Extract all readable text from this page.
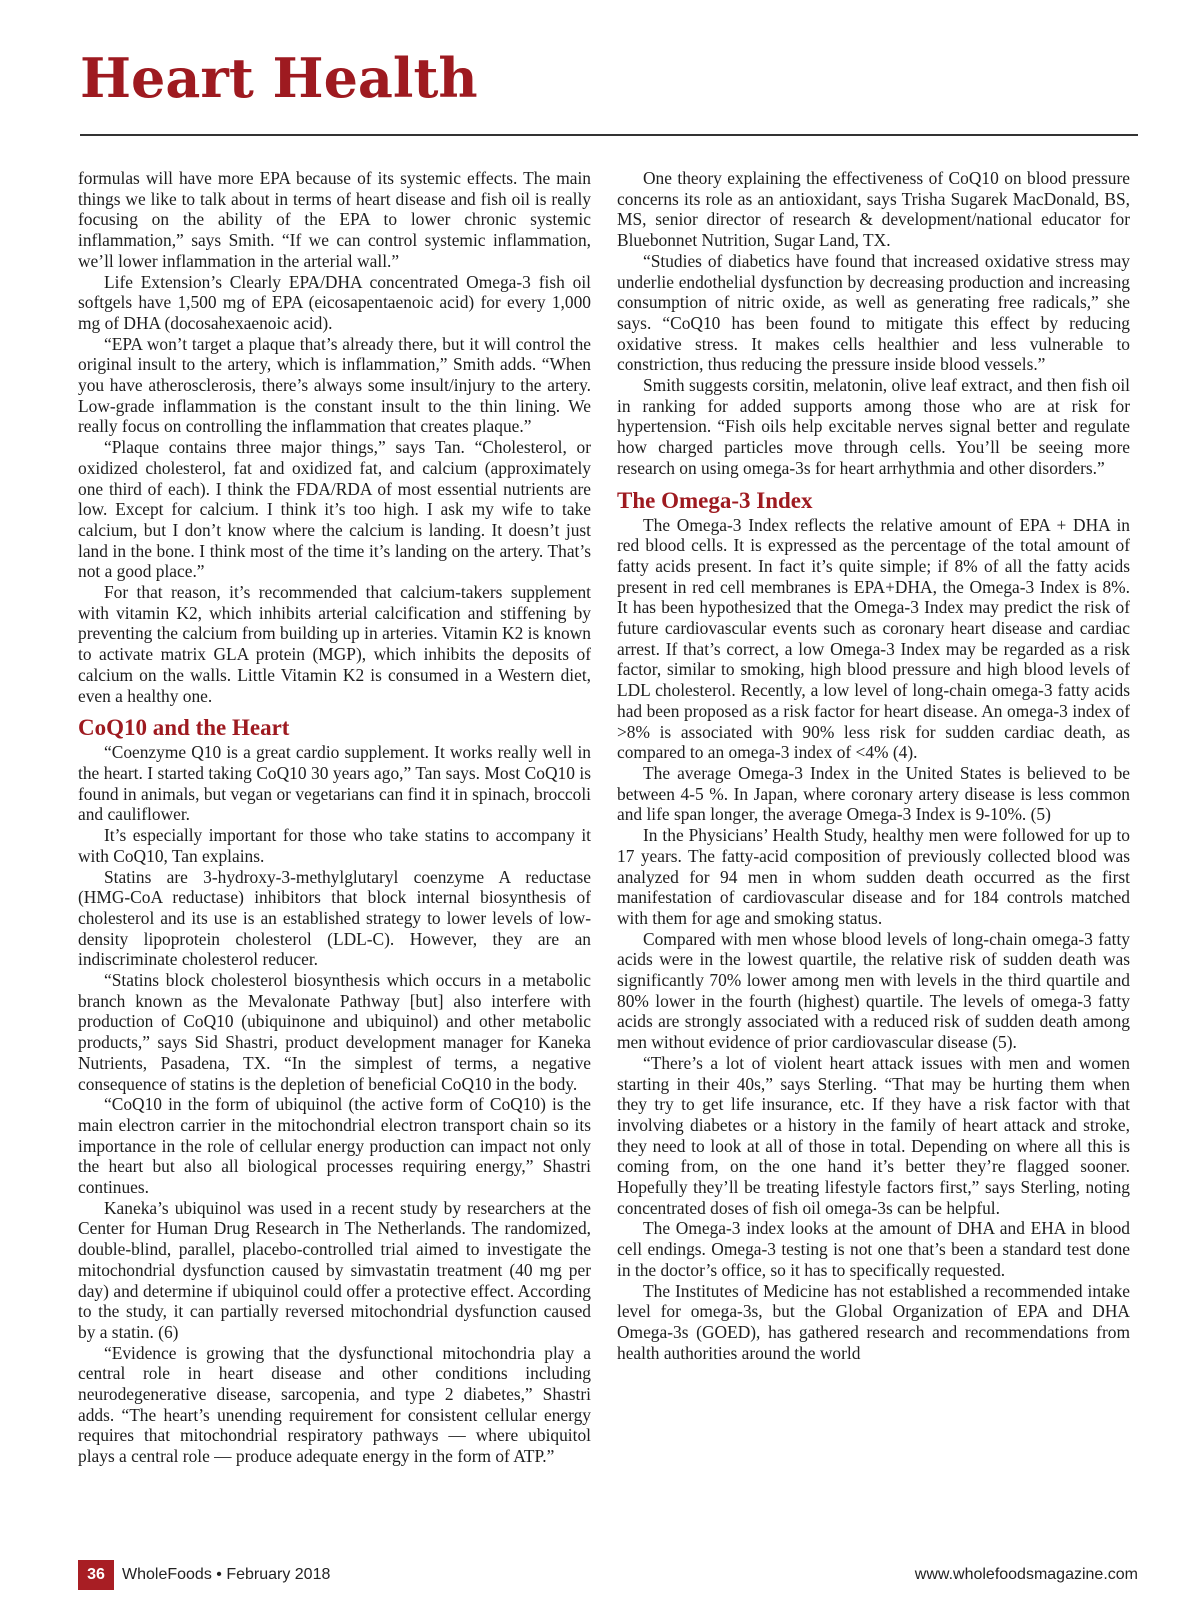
Heart Health

formulas will have more EPA because of its systemic effects. The main things we like to talk about in terms of heart disease and fish oil is really focusing on the ability of the EPA to lower chronic systemic inflammation,” says Smith. “If we can control systemic inflammation, we’ll lower inflammation in the arterial wall.”

Life Extension’s Clearly EPA/DHA concentrated Omega-3 fish oil softgels have 1,500 mg of EPA (eicosapentaenoic acid) for every 1,000 mg of DHA (docosahexaenoic acid).

“EPA won’t target a plaque that’s already there, but it will control the original insult to the artery, which is inflammation,” Smith adds. “When you have atherosclerosis, there’s always some insult/injury to the artery. Low-grade inflammation is the constant insult to the thin lining. We really focus on controlling the inflammation that creates plaque.”

“Plaque contains three major things,” says Tan. “Cholesterol, or oxidized cholesterol, fat and oxidized fat, and calcium (approximately one third of each). I think the FDA/RDA of most essential nutrients are low. Except for calcium. I think it’s too high. I ask my wife to take calcium, but I don’t know where the calcium is landing. It doesn’t just land in the bone. I think most of the time it’s landing on the artery. That’s not a good place.”

For that reason, it’s recommended that calcium-takers supplement with vitamin K2, which inhibits arterial calcification and stiffening by preventing the calcium from building up in arteries. Vitamin K2 is known to activate matrix GLA protein (MGP), which inhibits the deposits of calcium on the walls. Little Vitamin K2 is consumed in a Western diet, even a healthy one.

CoQ10 and the Heart

“Coenzyme Q10 is a great cardio supplement. It works really well in the heart. I started taking CoQ10 30 years ago,” Tan says. Most CoQ10 is found in animals, but vegan or vegetarians can find it in spinach, broccoli and cauliflower.

It’s especially important for those who take statins to accompany it with CoQ10, Tan explains.

Statins are 3-hydroxy-3-methylglutaryl coenzyme A reductase (HMG-CoA reductase) inhibitors that block internal biosynthesis of cholesterol and its use is an established strategy to lower levels of low-density lipoprotein cholesterol (LDL-C). However, they are an indiscriminate cholesterol reducer.

“Statins block cholesterol biosynthesis which occurs in a metabolic branch known as the Mevalonate Pathway [but] also interfere with production of CoQ10 (ubiquinone and ubiquinol) and other metabolic products,” says Sid Shastri, product development manager for Kaneka Nutrients, Pasadena, TX. “In the simplest of terms, a negative consequence of statins is the depletion of beneficial CoQ10 in the body.

“CoQ10 in the form of ubiquinol (the active form of CoQ10) is the main electron carrier in the mitochondrial electron transport chain so its importance in the role of cellular energy production can impact not only the heart but also all biological processes requiring energy,” Shastri continues.

Kaneka’s ubiquinol was used in a recent study by researchers at the Center for Human Drug Research in The Netherlands. The randomized, double-blind, parallel, placebo-controlled trial aimed to investigate the mitochondrial dysfunction caused by simvastatin treatment (40 mg per day) and determine if ubiquinol could offer a protective effect. According to the study, it can partially reversed mitochondrial dysfunction caused by a statin. (6)

“Evidence is growing that the dysfunctional mitochondria play a central role in heart disease and other conditions including neurodegenerative disease, sarcopenia, and type 2 diabetes,” Shastri adds. “The heart’s unending requirement for consistent cellular energy requires that mitochondrial respiratory pathways — where ubiquitol plays a central role — produce adequate energy in the form of ATP.”

One theory explaining the effectiveness of CoQ10 on blood pressure concerns its role as an antioxidant, says Trisha Sugarek MacDonald, BS, MS, senior director of research & development/national educator for Bluebonnet Nutrition, Sugar Land, TX.

“Studies of diabetics have found that increased oxidative stress may underlie endothelial dysfunction by decreasing production and increasing consumption of nitric oxide, as well as generating free radicals,” she says. “CoQ10 has been found to mitigate this effect by reducing oxidative stress. It makes cells healthier and less vulnerable to constriction, thus reducing the pressure inside blood vessels.”

Smith suggests corsitin, melatonin, olive leaf extract, and then fish oil in ranking for added supports among those who are at risk for hypertension. “Fish oils help excitable nerves signal better and regulate how charged particles move through cells. You’ll be seeing more research on using omega-3s for heart arrhythmia and other disorders.”

The Omega-3 Index

The Omega-3 Index reflects the relative amount of EPA + DHA in red blood cells. It is expressed as the percentage of the total amount of fatty acids present. In fact it’s quite simple; if 8% of all the fatty acids present in red cell membranes is EPA+DHA, the Omega-3 Index is 8%. It has been hypothesized that the Omega-3 Index may predict the risk of future cardiovascular events such as coronary heart disease and cardiac arrest. If that’s correct, a low Omega-3 Index may be regarded as a risk factor, similar to smoking, high blood pressure and high blood levels of LDL cholesterol. Recently, a low level of long-chain omega-3 fatty acids had been proposed as a risk factor for heart disease. An omega-3 index of >8% is associated with 90% less risk for sudden cardiac death, as compared to an omega-3 index of <4% (4).

The average Omega-3 Index in the United States is believed to be between 4-5 %. In Japan, where coronary artery disease is less common and life span longer, the average Omega-3 Index is 9-10%. (5)

In the Physicians’ Health Study, healthy men were followed for up to 17 years. The fatty-acid composition of previously collected blood was analyzed for 94 men in whom sudden death occurred as the first manifestation of cardiovascular disease and for 184 controls matched with them for age and smoking status.

Compared with men whose blood levels of long-chain omega-3 fatty acids were in the lowest quartile, the relative risk of sudden death was significantly 70% lower among men with levels in the third quartile and 80% lower in the fourth (highest) quartile. The levels of omega-3 fatty acids are strongly associated with a reduced risk of sudden death among men without evidence of prior cardiovascular disease (5).

“There’s a lot of violent heart attack issues with men and women starting in their 40s,” says Sterling. “That may be hurting them when they try to get life insurance, etc. If they have a risk factor with that involving diabetes or a history in the family of heart attack and stroke, they need to look at all of those in total. Depending on where all this is coming from, on the one hand it’s better they’re flagged sooner. Hopefully they’ll be treating lifestyle factors first,” says Sterling, noting concentrated doses of fish oil omega-3s can be helpful.

The Omega-3 index looks at the amount of DHA and EHA in blood cell endings. Omega-3 testing is not one that’s been a standard test done in the doctor’s office, so it has to specifically requested.

The Institutes of Medicine has not established a recommended intake level for omega-3s, but the Global Organization of EPA and DHA Omega-3s (GOED), has gathered research and recommendations from health authorities around the world

36	WholeFoods • February 2018	www.wholefoodsmagazine.com
